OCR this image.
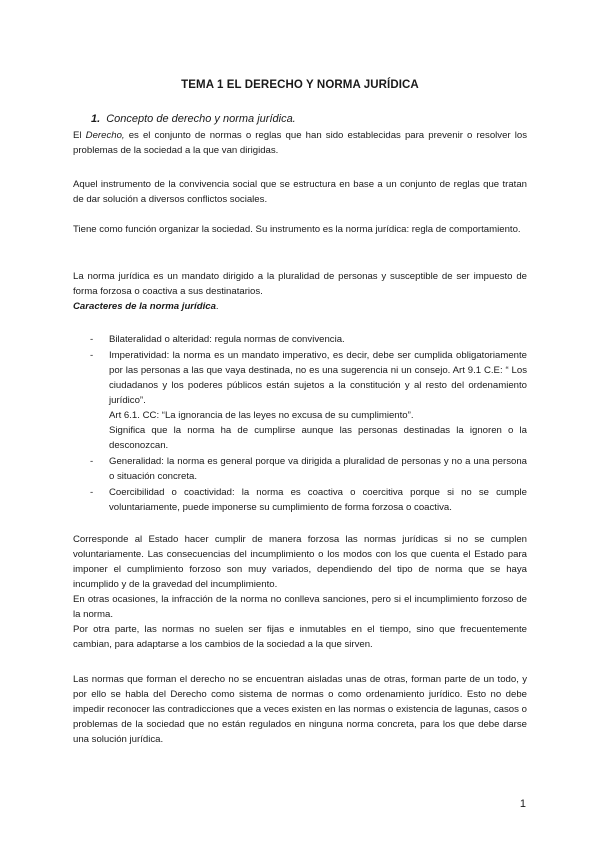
TEMA 1 EL DERECHO Y NORMA JURÍDICA
1. Concepto de derecho y norma jurídica.

El Derecho, es el conjunto de normas o reglas que han sido establecidas para prevenir o resolver los problemas de la sociedad a la que van dirigidas.

Aquel instrumento de la convivencia social que se estructura en base a un conjunto de reglas que tratan de dar solución a diversos conflictos sociales.

Tiene como función organizar la sociedad. Su instrumento es la norma jurídica: regla de comportamiento.

La norma jurídica es un mandato dirigido a la pluralidad de personas y susceptible de ser impuesto de forma forzosa o coactiva a sus destinatarios.
Caracteres de la norma jurídica.

- Bilateralidad o alteridad: regula normas de convivencia.
- Imperatividad: la norma es un mandato imperativo, es decir, debe ser cumplida obligatoriamente por las personas a las que vaya destinada, no es una sugerencia ni un consejo. Art 9.1 C.E: “ Los ciudadanos y los poderes públicos están sujetos a la constitución y al resto del ordenamiento jurídico”.
Art 6.1. CC: “La ignorancia de las leyes no excusa de su cumplimiento”.
Significa que la norma ha de cumplirse aunque las personas destinadas la ignoren o la desconozcan.
- Generalidad: la norma es general porque va dirigida a pluralidad de personas y no a una persona o situación concreta.
- Coercibilidad o coactividad: la norma es coactiva o coercitiva porque si no se cumple voluntariamente, puede imponerse su cumplimiento de forma forzosa o coactiva.

Corresponde al Estado hacer cumplir de manera forzosa las normas jurídicas si no se cumplen voluntariamente. Las consecuencias del incumplimiento o los modos con los que cuenta el Estado para imponer el cumplimiento forzoso son muy variados, dependiendo del tipo de norma que se haya incumplido y de la gravedad del incumplimiento.
En otras ocasiones, la infracción de la norma no conlleva sanciones, pero si el incumplimiento forzoso de la norma.
Por otra parte, las normas no suelen ser fijas e inmutables en el tiempo, sino que frecuentemente cambian, para adaptarse a los cambios de la sociedad a la que sirven.

Las normas que forman el derecho no se encuentran aisladas unas de otras, forman parte de un todo, y por ello se habla del Derecho como sistema de normas o como ordenamiento jurídico. Esto no debe impedir reconocer las contradicciones que a veces existen en las normas o existencia de lagunas, casos o problemas de la sociedad que no están regulados en ninguna norma concreta, para los que debe darse una solución jurídica.

1
